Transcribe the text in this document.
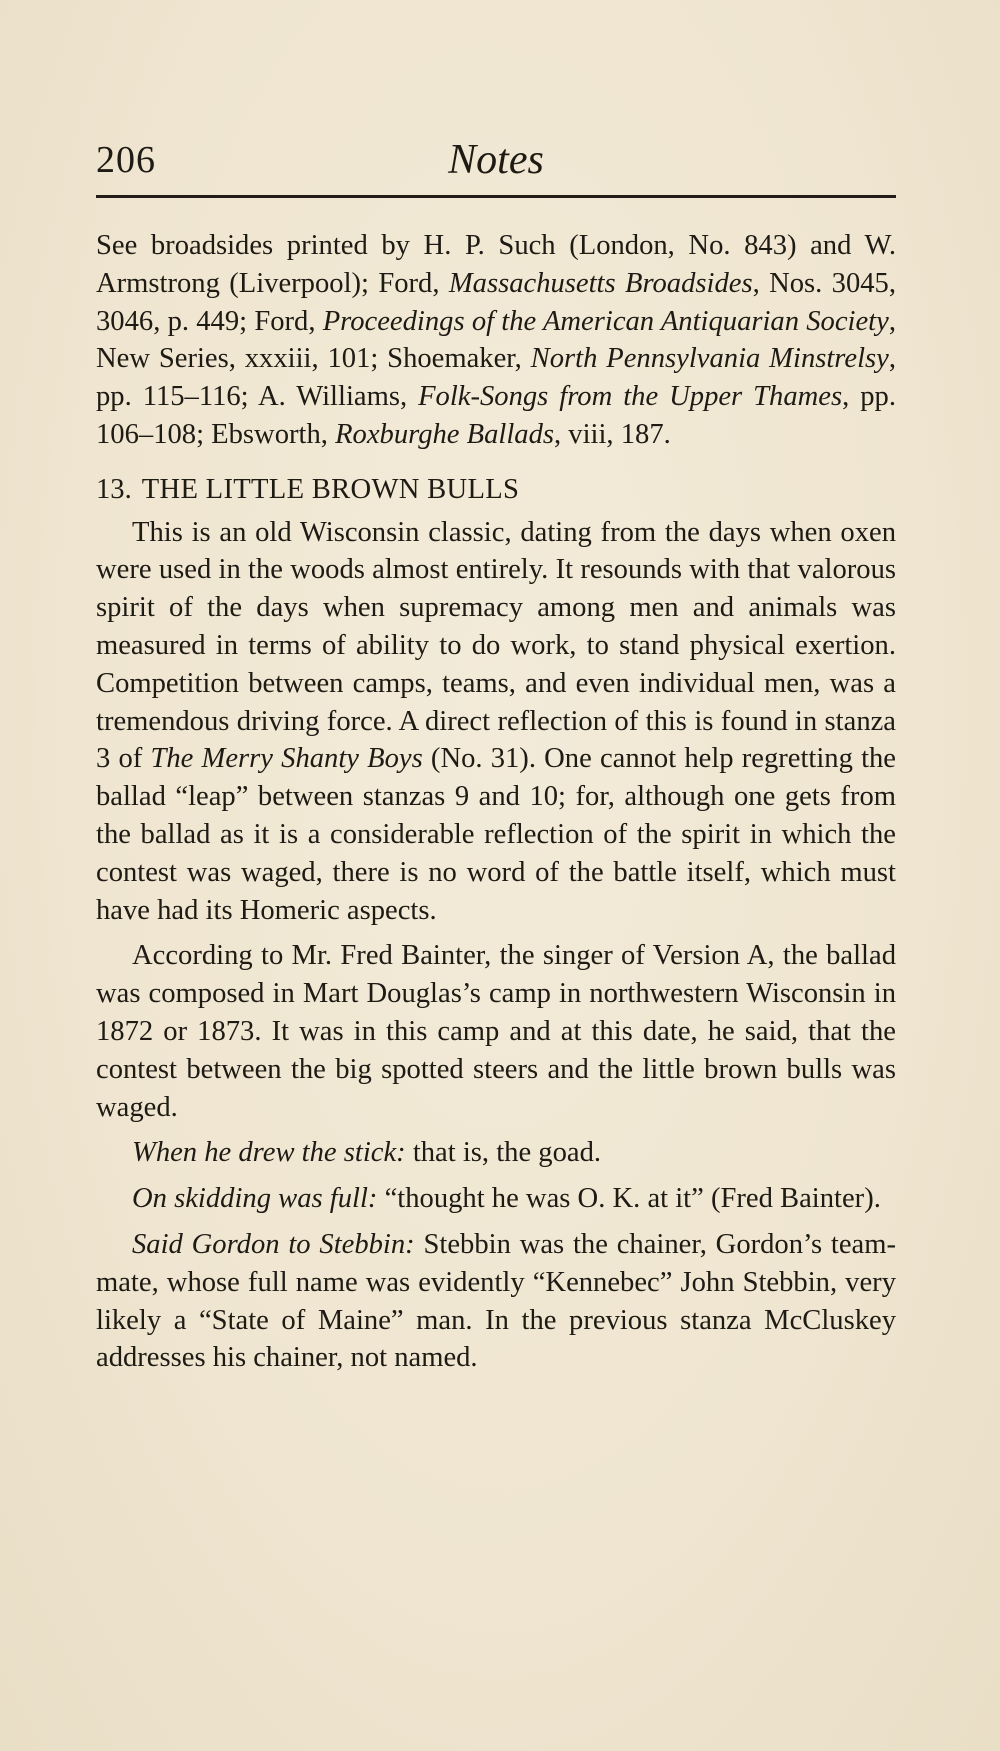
206	Notes

See broadsides printed by H. P. Such (London, No. 843) and W. Armstrong (Liverpool); Ford, Massachusetts Broadsides, Nos. 3045, 3046, p. 449; Ford, Proceedings of the American Antiquarian Society, New Series, xxxiii, 101; Shoemaker, North Pennsylvania Minstrelsy, pp. 115–116; A. Williams, Folk-Songs from the Upper Thames, pp. 106–108; Ebsworth, Roxburghe Ballads, viii, 187.

13. THE LITTLE BROWN BULLS

This is an old Wisconsin classic, dating from the days when oxen were used in the woods almost entirely. It resounds with that valorous spirit of the days when supremacy among men and animals was measured in terms of ability to do work, to stand physical exertion. Competition between camps, teams, and even individual men, was a tremendous driving force. A direct reflection of this is found in stanza 3 of The Merry Shanty Boys (No. 31). One cannot help regretting the ballad “leap” between stanzas 9 and 10; for, although one gets from the ballad as it is a considerable reflection of the spirit in which the contest was waged, there is no word of the battle itself, which must have had its Homeric aspects.

According to Mr. Fred Bainter, the singer of Version A, the ballad was composed in Mart Douglas’s camp in northwestern Wisconsin in 1872 or 1873. It was in this camp and at this date, he said, that the contest between the big spotted steers and the little brown bulls was waged.

When he drew the stick: that is, the goad.

On skidding was full: “thought he was O. K. at it” (Fred Bainter).

Said Gordon to Stebbin: Stebbin was the chainer, Gordon’s team-mate, whose full name was evidently “Kennebec” John Stebbin, very likely a “State of Maine” man. In the previous stanza McCluskey addresses his chainer, not named.
